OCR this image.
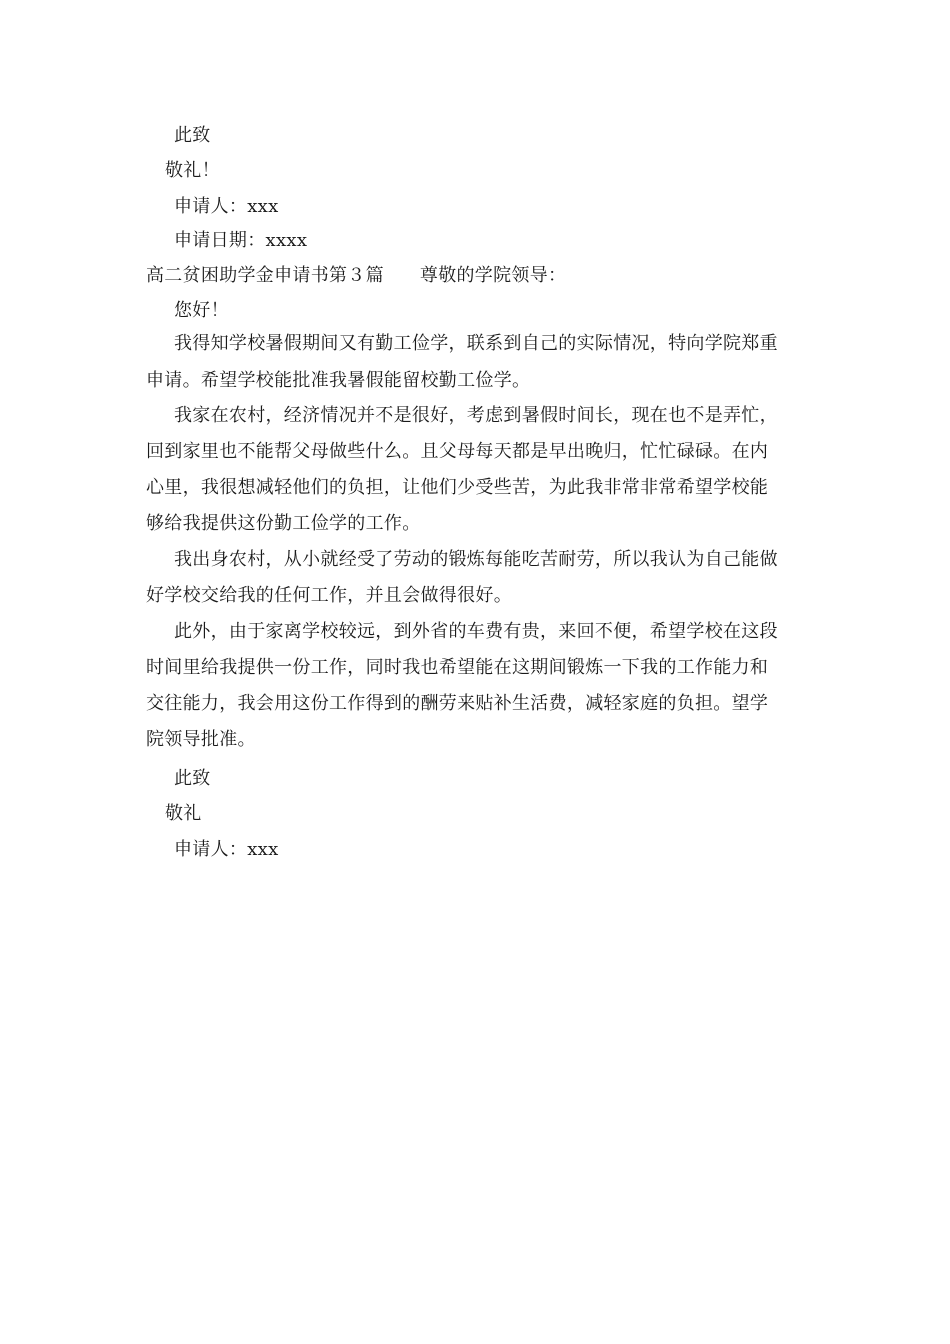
此致
敬礼！
申请人：xxx
申请日期：xxxx
高二贫困助学金申请书第３篇 尊敬的学院领导：
您好！
我得知学校暑假期间又有勤工俭学，联系到自己的实际情况，特向学院郑重
申请。希望学校能批准我暑假能留校勤工俭学。
我家在农村，经济情况并不是很好，考虑到暑假时间长，现在也不是弄忙，
回到家里也不能帮父母做些什么。且父母每天都是早出晚归，忙忙碌碌。在内
心里，我很想减轻他们的负担，让他们少受些苦，为此我非常非常希望学校能
够给我提供这份勤工俭学的工作。
我出身农村，从小就经受了劳动的锻炼每能吃苦耐劳，所以我认为自己能做
好学校交给我的任何工作，并且会做得很好。
此外，由于家离学校较远，到外省的车费有贵，来回不便，希望学校在这段
时间里给我提供一份工作，同时我也希望能在这期间锻炼一下我的工作能力和
交往能力，我会用这份工作得到的酬劳来贴补生活费，减轻家庭的负担。望学
院领导批准。
此致
敬礼
申请人：xxx
